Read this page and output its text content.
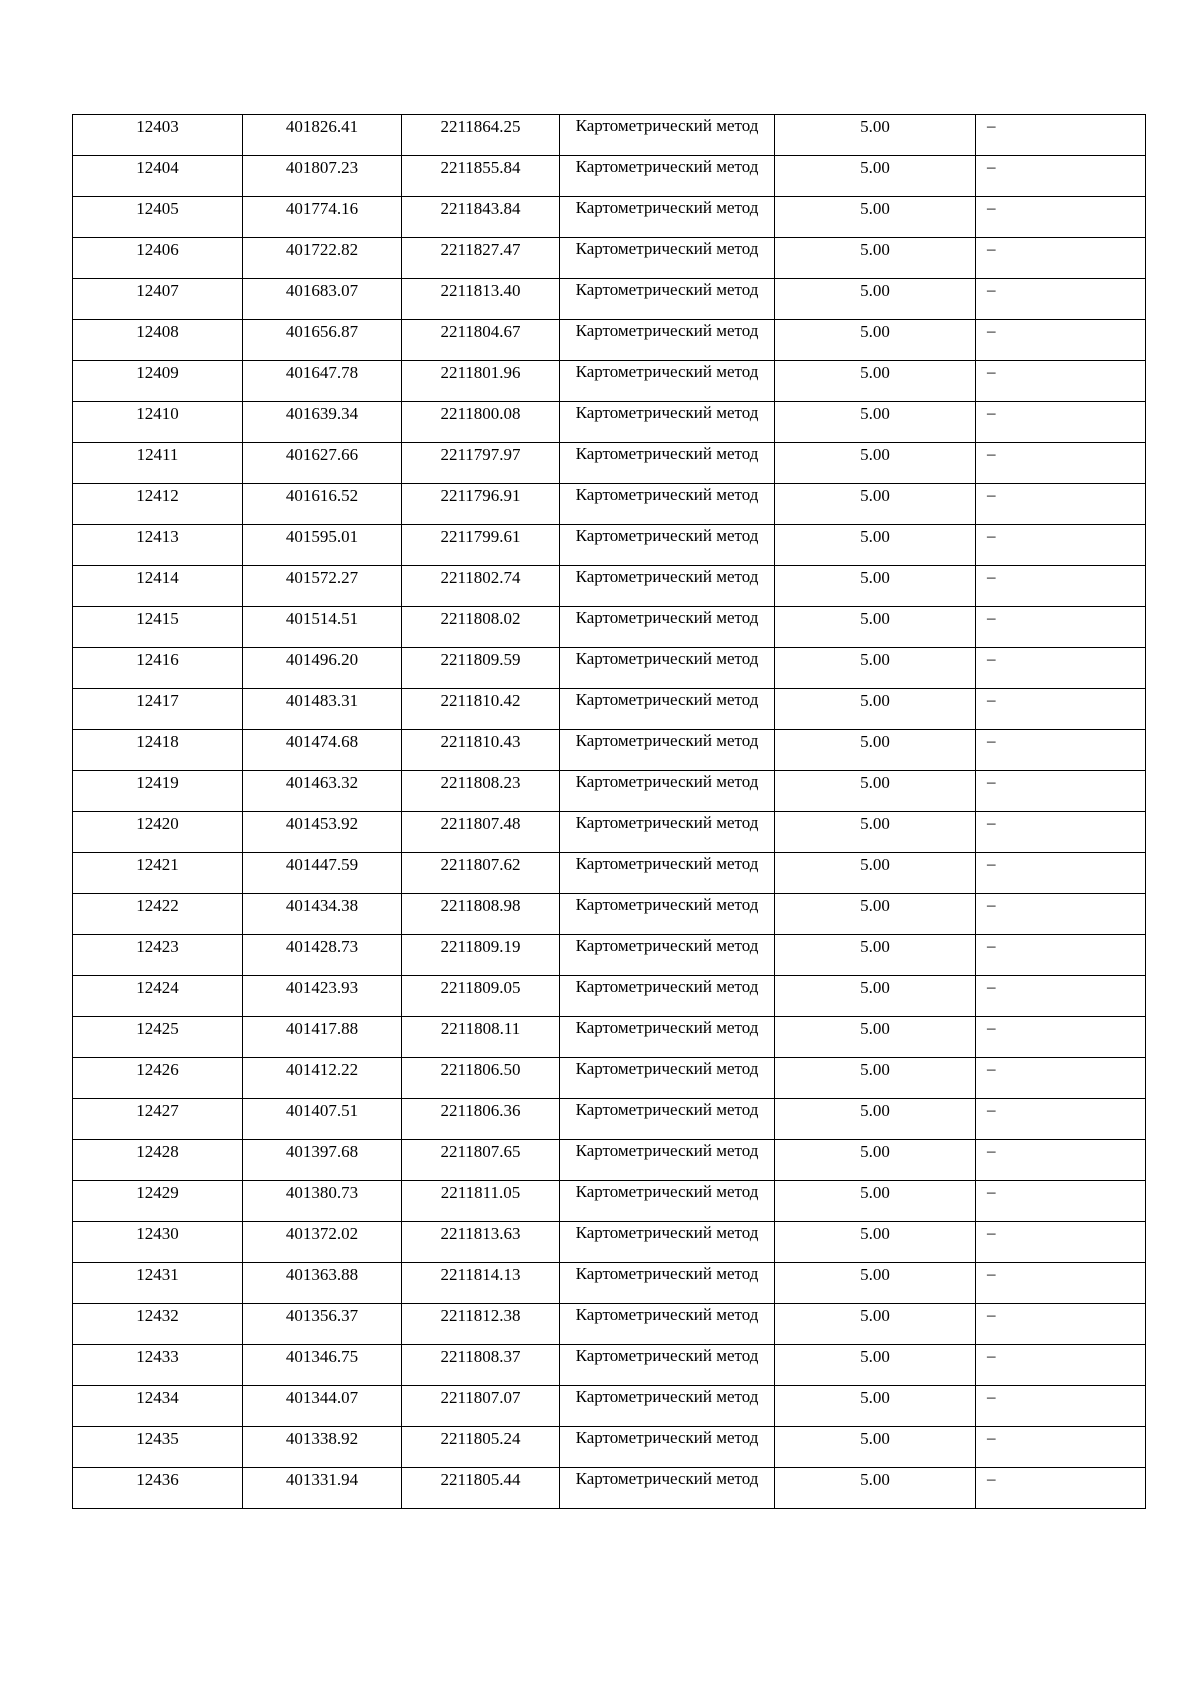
12403	401826.41	2211864.25	Картометрический метод	5.00	–
12404	401807.23	2211855.84	Картометрический метод	5.00	–
12405	401774.16	2211843.84	Картометрический метод	5.00	–
12406	401722.82	2211827.47	Картометрический метод	5.00	–
12407	401683.07	2211813.40	Картометрический метод	5.00	–
12408	401656.87	2211804.67	Картометрический метод	5.00	–
12409	401647.78	2211801.96	Картометрический метод	5.00	–
12410	401639.34	2211800.08	Картометрический метод	5.00	–
12411	401627.66	2211797.97	Картометрический метод	5.00	–
12412	401616.52	2211796.91	Картометрический метод	5.00	–
12413	401595.01	2211799.61	Картометрический метод	5.00	–
12414	401572.27	2211802.74	Картометрический метод	5.00	–
12415	401514.51	2211808.02	Картометрический метод	5.00	–
12416	401496.20	2211809.59	Картометрический метод	5.00	–
12417	401483.31	2211810.42	Картометрический метод	5.00	–
12418	401474.68	2211810.43	Картометрический метод	5.00	–
12419	401463.32	2211808.23	Картометрический метод	5.00	–
12420	401453.92	2211807.48	Картометрический метод	5.00	–
12421	401447.59	2211807.62	Картометрический метод	5.00	–
12422	401434.38	2211808.98	Картометрический метод	5.00	–
12423	401428.73	2211809.19	Картометрический метод	5.00	–
12424	401423.93	2211809.05	Картометрический метод	5.00	–
12425	401417.88	2211808.11	Картометрический метод	5.00	–
12426	401412.22	2211806.50	Картометрический метод	5.00	–
12427	401407.51	2211806.36	Картометрический метод	5.00	–
12428	401397.68	2211807.65	Картометрический метод	5.00	–
12429	401380.73	2211811.05	Картометрический метод	5.00	–
12430	401372.02	2211813.63	Картометрический метод	5.00	–
12431	401363.88	2211814.13	Картометрический метод	5.00	–
12432	401356.37	2211812.38	Картометрический метод	5.00	–
12433	401346.75	2211808.37	Картометрический метод	5.00	–
12434	401344.07	2211807.07	Картометрический метод	5.00	–
12435	401338.92	2211805.24	Картометрический метод	5.00	–
12436	401331.94	2211805.44	Картометрический метод	5.00	–
